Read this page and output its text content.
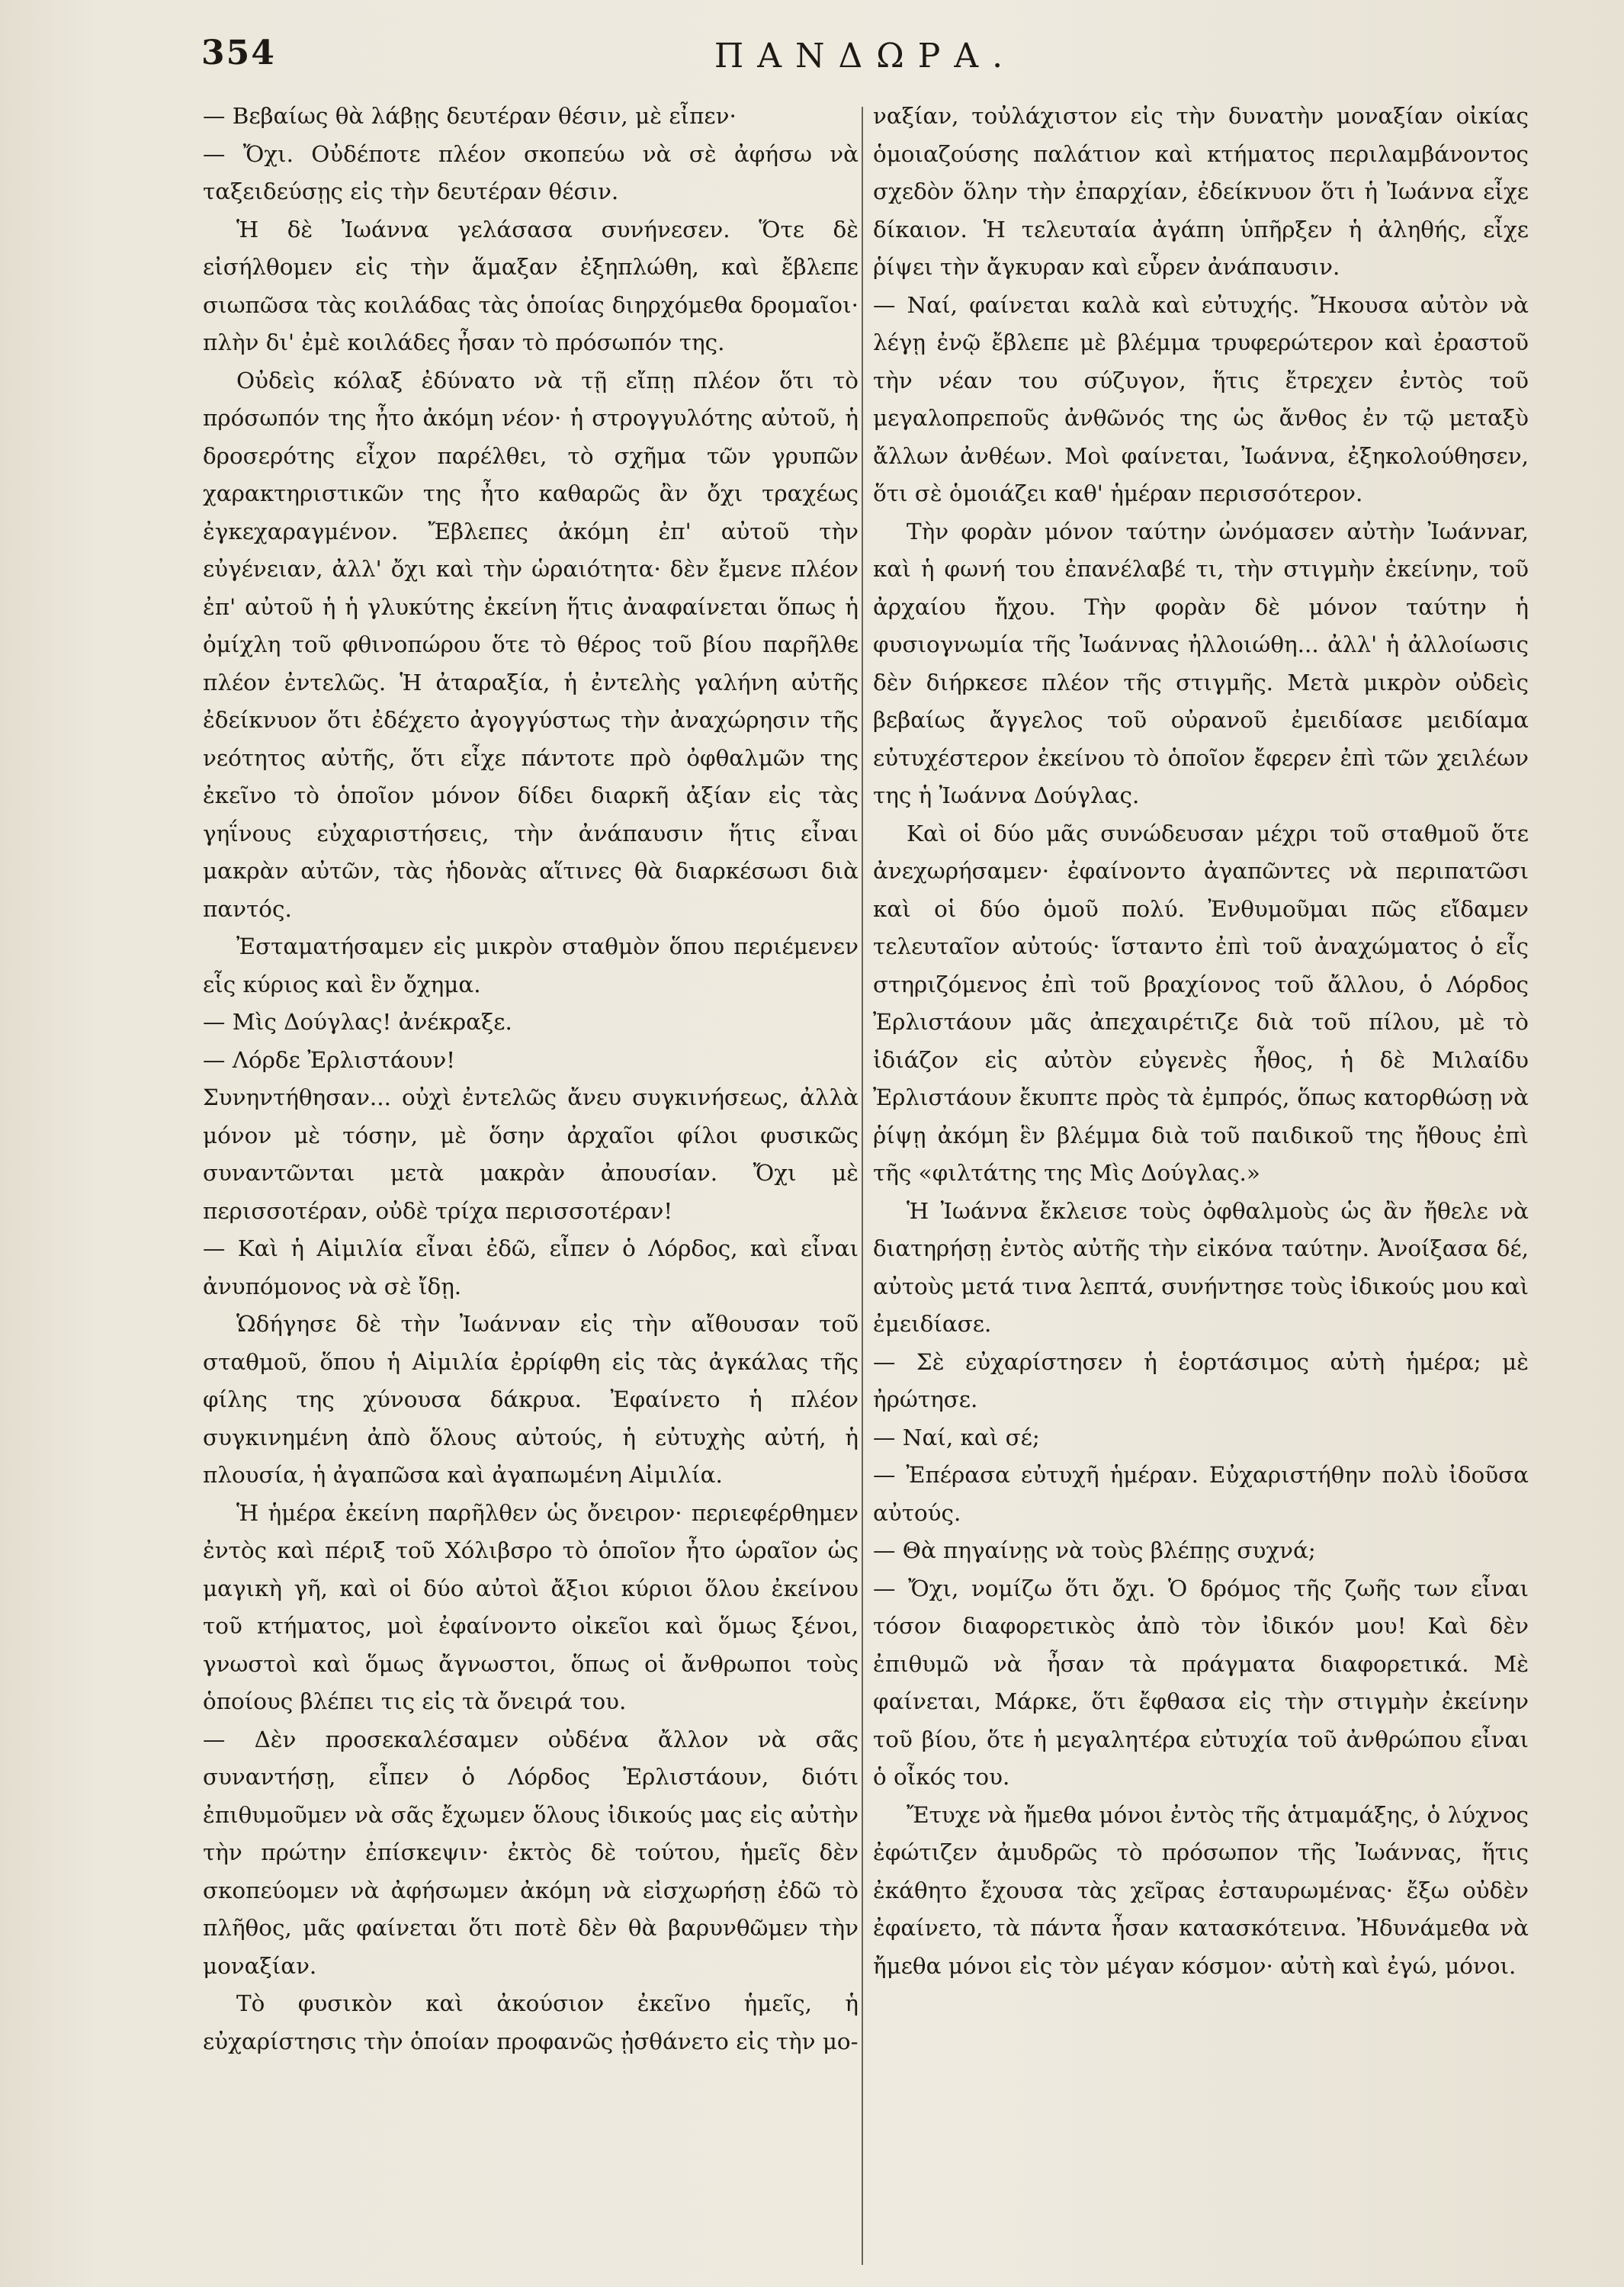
354	ΠΑΝΔΩΡΑ.

— Βεβαίως θὰ λάβῃς δευτέραν θέσιν, μὲ εἶπεν·

— Ὄχι. Οὐδέποτε πλέον σκοπεύω νὰ σὲ ἀφήσω νὰ ταξειδεύσῃς εἰς τὴν δευτέραν θέσιν.

Ἡ δὲ Ἰωάννα γελάσασα συνήνεσεν. Ὅτε δὲ εἰσήλθομεν εἰς τὴν ἅμαξαν ἐξηπλώθη, καὶ ἔβλεπε σιωπῶσα τὰς κοιλάδας τὰς ὁποίας διηρχόμεθα δρομαῖοι· πλὴν δι' ἐμὲ κοιλάδες ἦσαν τὸ πρόσωπόν της.

Οὐδεὶς κόλαξ ἐδύνατο νὰ τῇ εἴπῃ πλέον ὅτι τὸ πρόσωπόν της ἦτο ἀκόμη νέον· ἡ στρογγυλότης αὐτοῦ, ἡ δροσερότης εἶχον παρέλθει, τὸ σχῆμα τῶν γρυπῶν χαρακτηριστικῶν της ἦτο καθαρῶς ἂν ὄχι τραχέως ἐγκεχαραγμένον. Ἔβλεπες ἀκόμη ἐπ' αὐτοῦ τὴν εὐγένειαν, ἀλλ' ὄχι καὶ τὴν ὡραιότητα· δὲν ἔμενε πλέον ἐπ' αὐτοῦ ἡ ἡ γλυκύτης ἐκείνη ἥτις ἀναφαίνεται ὅπως ἡ ὀμίχλη τοῦ φθινοπώρου ὅτε τὸ θέρος τοῦ βίου παρῆλθε πλέον ἐντελῶς. Ἡ ἀταραξία, ἡ ἐντελὴς γαλήνη αὐτῆς ἐδείκνυον ὅτι ἐδέχετο ἀγογγύστως τὴν ἀναχώρησιν τῆς νεότητος αὐτῆς, ὅτι εἶχε πάντοτε πρὸ ὀφθαλμῶν της ἐκεῖνο τὸ ὁποῖον μόνον δίδει διαρκῆ ἀξίαν εἰς τὰς γηΐνους εὐχαριστήσεις, τὴν ἀνάπαυσιν ἥτις εἶναι μακρὰν αὐτῶν, τὰς ἡδονὰς αἵτινες θὰ διαρκέσωσι διὰ παντός.

Ἐσταματήσαμεν εἰς μικρὸν σταθμὸν ὅπου περιέμενεν εἷς κύριος καὶ ἓν ὄχημα.

— Μὶς Δούγλας! ἀνέκραξε.

— Λόρδε Ἐρλιστάουν!

Συνηντήθησαν... οὐχὶ ἐντελῶς ἄνευ συγκινήσεως, ἀλλὰ μόνον μὲ τόσην, μὲ ὅσην ἀρχαῖοι φίλοι φυσικῶς συναντῶνται μετὰ μακρὰν ἀπουσίαν. Ὄχι μὲ περισσοτέραν, οὐδὲ τρίχα περισσοτέραν!

— Καὶ ἡ Αἰμιλία εἶναι ἐδῶ, εἶπεν ὁ Λόρδος, καὶ εἶναι ἀνυπόμονος νὰ σὲ ἴδῃ.

Ὡδήγησε δὲ τὴν Ἰωάνναν εἰς τὴν αἴθουσαν τοῦ σταθμοῦ, ὅπου ἡ Αἰμιλία ἐρρίφθη εἰς τὰς ἀγκάλας τῆς φίλης της χύνουσα δάκρυα. Ἐφαίνετο ἡ πλέον συγκινημένη ἀπὸ ὅλους αὐτούς, ἡ εὐτυχὴς αὐτή, ἡ πλουσία, ἡ ἀγαπῶσα καὶ ἀγαπωμένη Αἰμιλία.

Ἡ ἡμέρα ἐκείνη παρῆλθεν ὡς ὄνειρον· περιεφέρθημεν ἐντὸς καὶ πέριξ τοῦ Χόλιβσρο τὸ ὁποῖον ἦτο ὡραῖον ὡς μαγικὴ γῆ, καὶ οἱ δύο αὐτοὶ ἄξιοι κύριοι ὅλου ἐκείνου τοῦ κτήματος, μοὶ ἐφαίνοντο οἰκεῖοι καὶ ὅμως ξένοι, γνωστοὶ καὶ ὅμως ἄγνωστοι, ὅπως οἱ ἄνθρωποι τοὺς ὁποίους βλέπει τις εἰς τὰ ὄνειρά του.

— Δὲν προσεκαλέσαμεν οὐδένα ἄλλον νὰ σᾶς συναντήσῃ, εἶπεν ὁ Λόρδος Ἐρλιστάουν, διότι ἐπιθυμοῦμεν νὰ σᾶς ἔχωμεν ὅλους ἰδικούς μας εἰς αὐτὴν τὴν πρώτην ἐπίσκεψιν· ἐκτὸς δὲ τούτου, ἡμεῖς δὲν σκοπεύομεν νὰ ἀφήσωμεν ἀκόμη νὰ εἰσχωρήσῃ ἐδῶ τὸ πλῆθος, μᾶς φαίνεται ὅτι ποτὲ δὲν θὰ βαρυνθῶμεν τὴν μοναξίαν.

Τὸ φυσικὸν καὶ ἀκούσιον ἐκεῖνο ἡμεῖς, ἡ εὐχαρίστησις τὴν ὁποίαν προφανῶς ᾐσθάνετο εἰς τὴν μο-

ναξίαν, τοὐλάχιστον εἰς τὴν δυνατὴν μοναξίαν οἰκίας ὁμοιαζούσης παλάτιον καὶ κτήματος περιλαμβάνοντος σχεδὸν ὅλην τὴν ἐπαρχίαν, ἐδείκνυον ὅτι ἡ Ἰωάννα εἶχε δίκαιον. Ἡ τελευταία ἀγάπη ὑπῆρξεν ἡ ἀληθής, εἶχε ῥίψει τὴν ἄγκυραν καὶ εὗρεν ἀνάπαυσιν.

— Ναί, φαίνεται καλὰ καὶ εὐτυχής. Ἤκουσα αὐτὸν νὰ λέγῃ ἐνῷ ἔβλεπε μὲ βλέμμα τρυφερώτερον καὶ ἐραστοῦ τὴν νέαν του σύζυγον, ἥτις ἔτρεχεν ἐντὸς τοῦ μεγαλοπρεποῦς ἀνθῶνός της ὡς ἄνθος ἐν τῷ μεταξὺ ἄλλων ἀνθέων. Μοὶ φαίνεται, Ἰωάννα, ἐξηκολούθησεν, ὅτι σὲ ὁμοιάζει καθ' ἡμέραν περισσότερον.

Τὴν φορὰν μόνον ταύτην ὠνόμασεν αὐτὴν Ἰωάννar, καὶ ἡ φωνή του ἐπανέλαβέ τι, τὴν στιγμὴν ἐκείνην, τοῦ ἀρχαίου ἤχου. Τὴν φορὰν δὲ μόνον ταύτην ἡ φυσιογνωμία τῆς Ἰωάννας ἠλλοιώθη... ἀλλ' ἡ ἀλλοίωσις δὲν διήρκεσε πλέον τῆς στιγμῆς. Μετὰ μικρὸν οὐδεὶς βεβαίως ἄγγελος τοῦ οὐρανοῦ ἐμειδίασε μειδίαμα εὐτυχέστερον ἐκείνου τὸ ὁποῖον ἔφερεν ἐπὶ τῶν χειλέων της ἡ Ἰωάννα Δούγλας.

Καὶ οἱ δύο μᾶς συνώδευσαν μέχρι τοῦ σταθμοῦ ὅτε ἀνεχωρήσαμεν· ἐφαίνοντο ἀγαπῶντες νὰ περιπατῶσι καὶ οἱ δύο ὁμοῦ πολύ. Ἐνθυμοῦμαι πῶς εἴδαμεν τελευταῖον αὐτούς· ἵσταντο ἐπὶ τοῦ ἀναχώματος ὁ εἷς στηριζόμενος ἐπὶ τοῦ βραχίονος τοῦ ἄλλου, ὁ Λόρδος Ἐρλιστάουν μᾶς ἀπεχαιρέτιζε διὰ τοῦ πίλου, μὲ τὸ ἰδιάζον εἰς αὐτὸν εὐγενὲς ἦθος, ἡ δὲ Μιλαίδυ Ἐρλιστάουν ἔκυπτε πρὸς τὰ ἐμπρός, ὅπως κατορθώσῃ νὰ ῥίψῃ ἀκόμη ἓν βλέμμα διὰ τοῦ παιδικοῦ της ἤθους ἐπὶ τῆς «φιλτάτης της Μὶς Δούγλας.»

Ἡ Ἰωάννα ἔκλεισε τοὺς ὀφθαλμοὺς ὡς ἂν ἤθελε νὰ διατηρήσῃ ἐντὸς αὐτῆς τὴν εἰκόνα ταύτην. Ἀνοίξασα δέ, αὐτοὺς μετά τινα λεπτά, συνήντησε τοὺς ἰδικούς μου καὶ ἐμειδίασε.

— Σὲ εὐχαρίστησεν ἡ ἑορτάσιμος αὐτὴ ἡμέρα; μὲ ἠρώτησε.

— Ναί, καὶ σέ;

— Ἐπέρασα εὐτυχῆ ἡμέραν. Εὐχαριστήθην πολὺ ἰδοῦσα αὐτούς.

— Θὰ πηγαίνῃς νὰ τοὺς βλέπῃς συχνά;

— Ὄχι, νομίζω ὅτι ὄχι. Ὁ δρόμος τῆς ζωῆς των εἶναι τόσον διαφορετικὸς ἀπὸ τὸν ἰδικόν μου! Καὶ δὲν ἐπιθυμῶ νὰ ἦσαν τὰ πράγματα διαφορετικά. Μὲ φαίνεται, Μάρκε, ὅτι ἔφθασα εἰς τὴν στιγμὴν ἐκείνην τοῦ βίου, ὅτε ἡ μεγαλητέρα εὐτυχία τοῦ ἀνθρώπου εἶναι ὁ οἶκός του.

Ἔτυχε νὰ ἤμεθα μόνοι ἐντὸς τῆς ἁτμαμάξης, ὁ λύχνος ἐφώτιζεν ἀμυδρῶς τὸ πρόσωπον τῆς Ἰωάννας, ἥτις ἐκάθητο ἔχουσα τὰς χεῖρας ἐσταυρωμένας· ἔξω οὐδὲν ἐφαίνετο, τὰ πάντα ἦσαν κατασκότεινα. Ἠδυνάμεθα νὰ ἤμεθα μόνοι εἰς τὸν μέγαν κόσμον· αὐτὴ καὶ ἐγώ, μόνοι.
